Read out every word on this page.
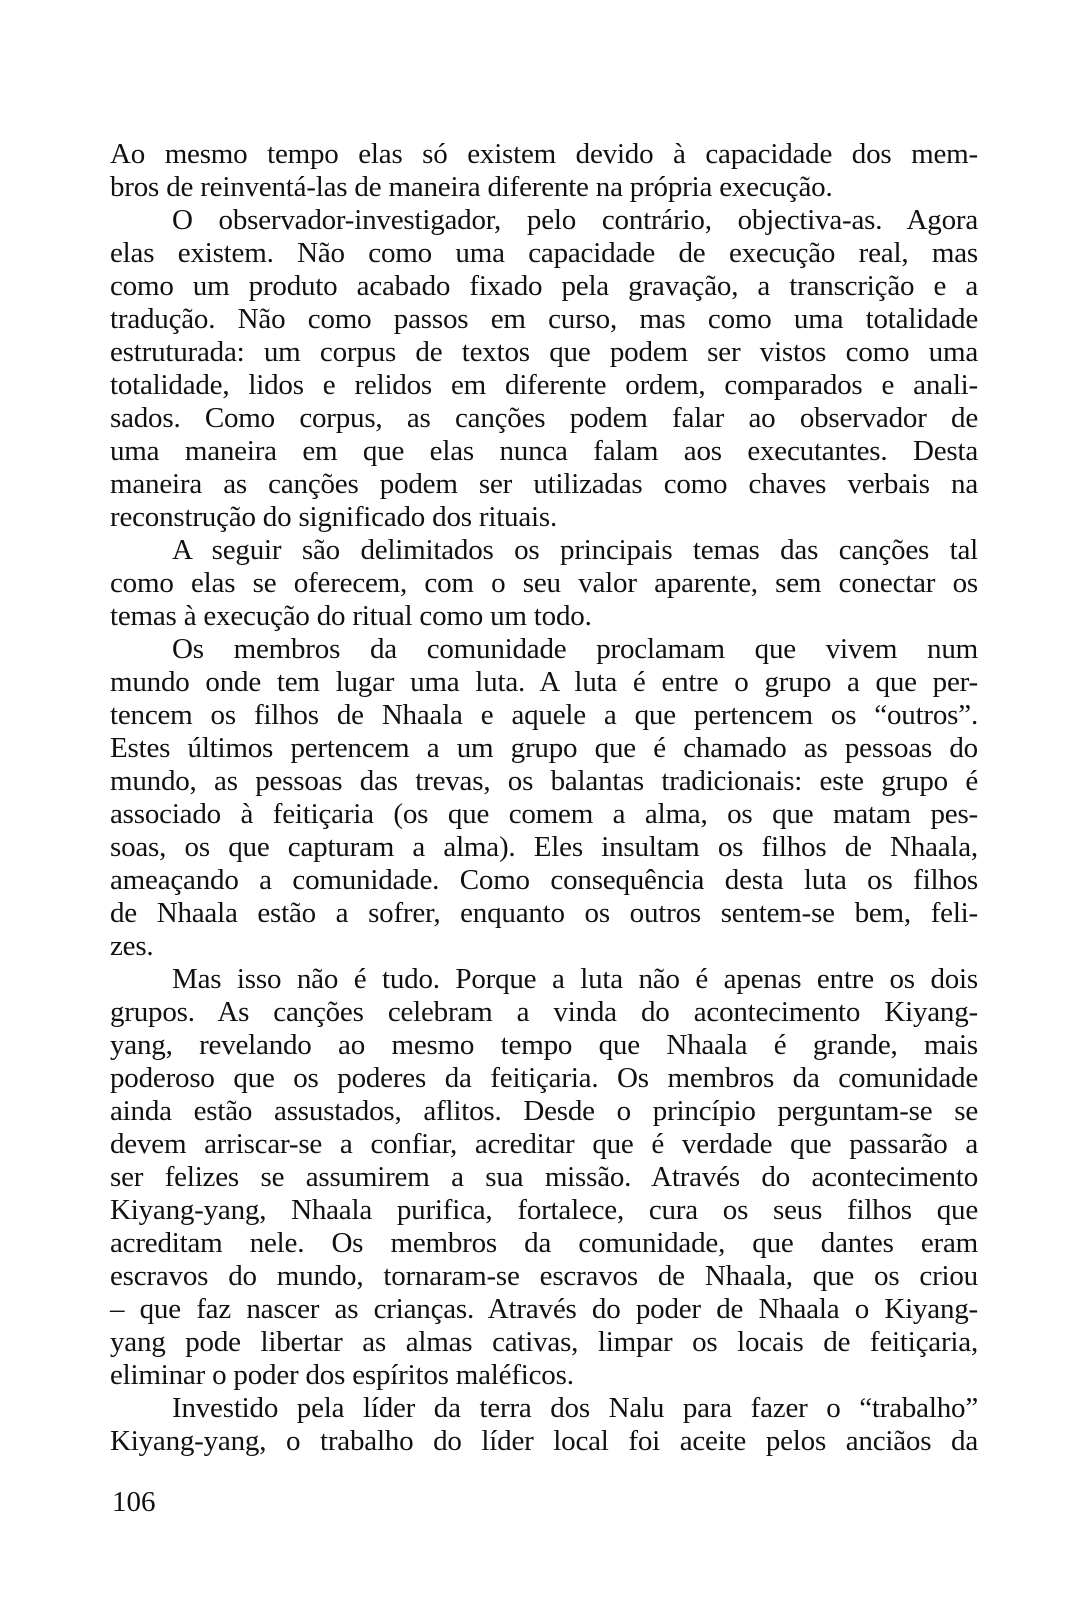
Ao mesmo tempo elas só existem devido à capacidade dos mem-
bros de reinventá-las de maneira diferente na própria execução.

O observador-investigador, pelo contrário, objectiva-as. Agora
elas existem. Não como uma capacidade de execução real, mas
como um produto acabado fixado pela gravação, a transcrição e a
tradução. Não como passos em curso, mas como uma totalidade
estruturada: um corpus de textos que podem ser vistos como uma
totalidade, lidos e relidos em diferente ordem, comparados e anali-
sados. Como corpus, as canções podem falar ao observador de
uma maneira em que elas nunca falam aos executantes. Desta
maneira as canções podem ser utilizadas como chaves verbais na
reconstrução do significado dos rituais.

A seguir são delimitados os principais temas das canções tal
como elas se oferecem, com o seu valor aparente, sem conectar os
temas à execução do ritual como um todo.

Os membros da comunidade proclamam que vivem num
mundo onde tem lugar uma luta. A luta é entre o grupo a que per-
tencem os filhos de Nhaala e aquele a que pertencem os “outros”.
Estes últimos pertencem a um grupo que é chamado as pessoas do
mundo, as pessoas das trevas, os balantas tradicionais: este grupo é
associado à feitiçaria (os que comem a alma, os que matam pes-
soas, os que capturam a alma). Eles insultam os filhos de Nhaala,
ameaçando a comunidade. Como consequência desta luta os filhos
de Nhaala estão a sofrer, enquanto os outros sentem-se bem, feli-
zes.

Mas isso não é tudo. Porque a luta não é apenas entre os dois
grupos. As canções celebram a vinda do acontecimento Kiyang-
yang, revelando ao mesmo tempo que Nhaala é grande, mais
poderoso que os poderes da feitiçaria. Os membros da comunidade
ainda estão assustados, aflitos. Desde o princípio perguntam-se se
devem arriscar-se a confiar, acreditar que é verdade que passarão a
ser felizes se assumirem a sua missão. Através do acontecimento
Kiyang-yang, Nhaala purifica, fortalece, cura os seus filhos que
acreditam nele. Os membros da comunidade, que dantes eram
escravos do mundo, tornaram-se escravos de Nhaala, que os criou
– que faz nascer as crianças. Através do poder de Nhaala o Kiyang-
yang pode libertar as almas cativas, limpar os locais de feitiçaria,
eliminar o poder dos espíritos maléficos.

Investido pela líder da terra dos Nalu para fazer o “trabalho”
Kiyang-yang, o trabalho do líder local foi aceite pelos anciãos da

106
